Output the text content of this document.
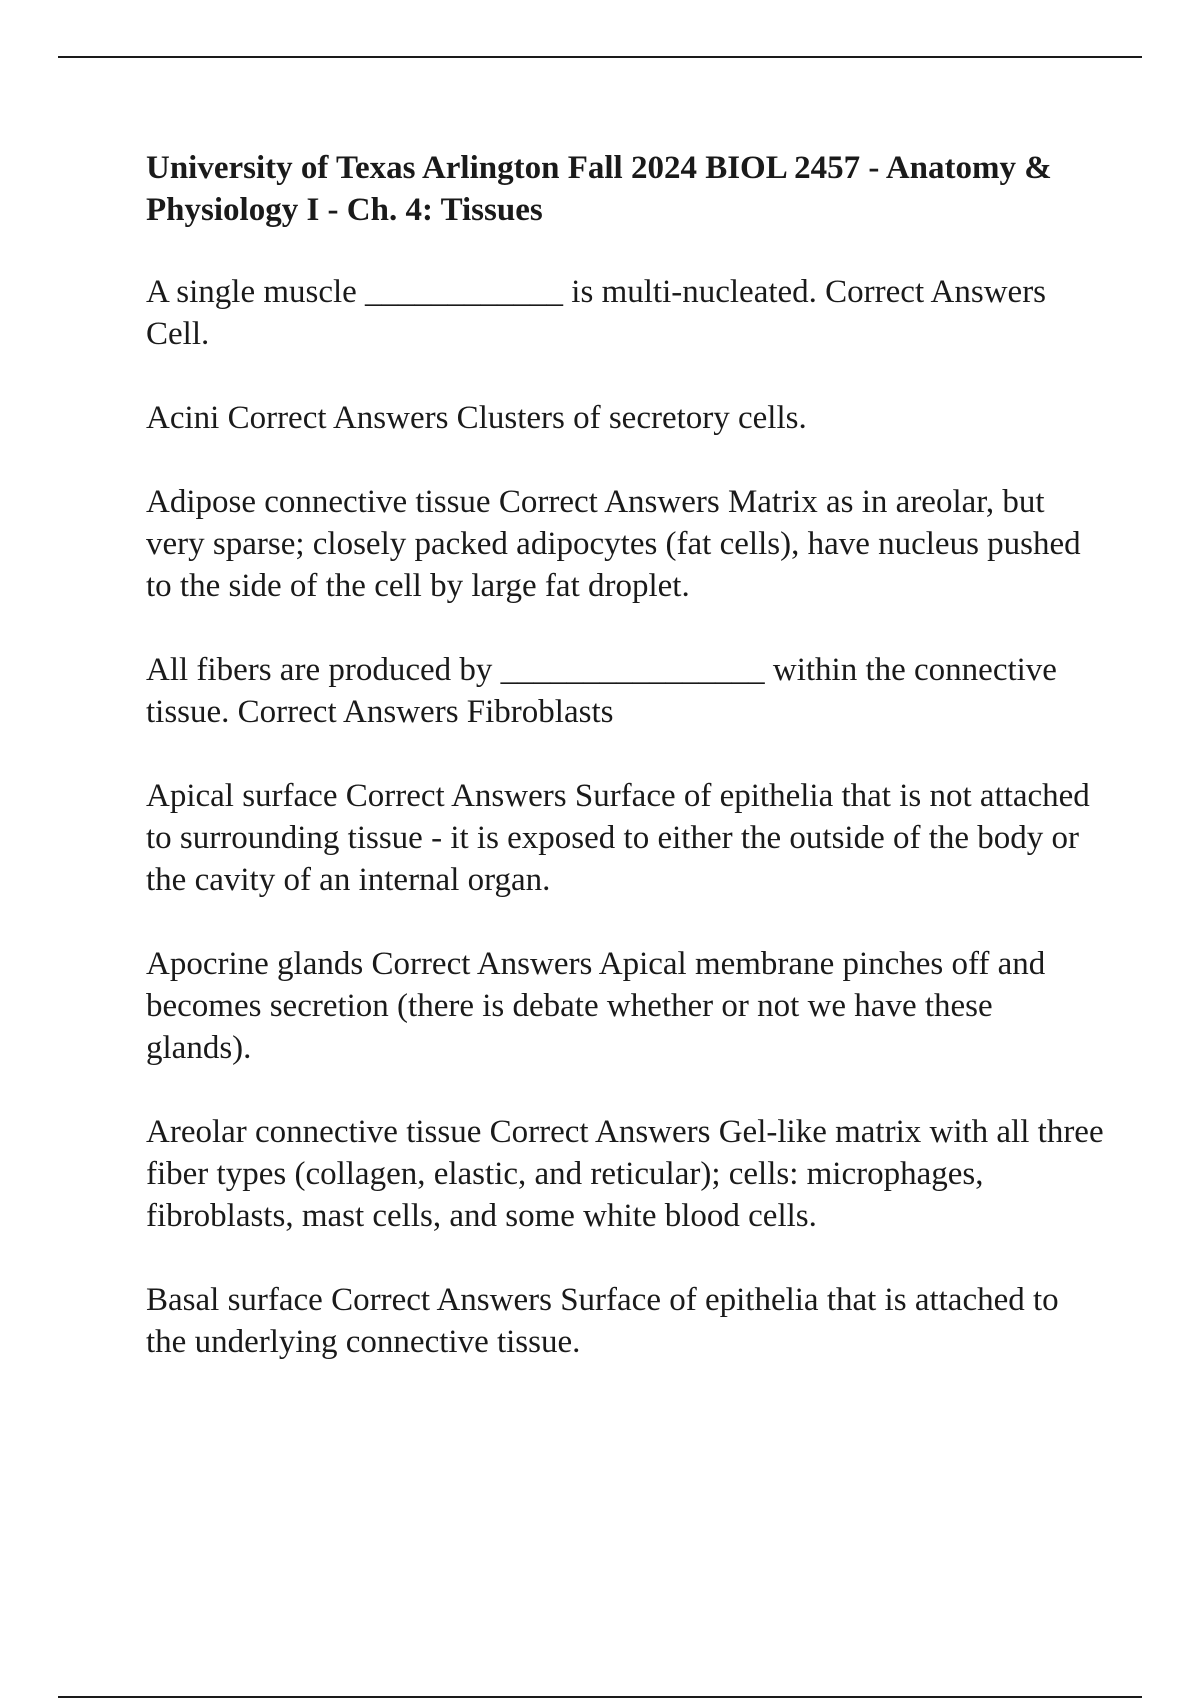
University of Texas Arlington Fall 2024 BIOL 2457 - Anatomy & Physiology I - Ch. 4: Tissues

A single muscle ____________ is multi-nucleated. Correct Answers Cell.

Acini Correct Answers Clusters of secretory cells.

Adipose connective tissue Correct Answers Matrix as in areolar, but very sparse; closely packed adipocytes (fat cells), have nucleus pushed to the side of the cell by large fat droplet.

All fibers are produced by ________________ within the connective tissue. Correct Answers Fibroblasts

Apical surface Correct Answers Surface of epithelia that is not attached to surrounding tissue - it is exposed to either the outside of the body or the cavity of an internal organ.

Apocrine glands Correct Answers Apical membrane pinches off and becomes secretion (there is debate whether or not we have these glands).

Areolar connective tissue Correct Answers Gel-like matrix with all three fiber types (collagen, elastic, and reticular); cells: microphages, fibroblasts, mast cells, and some white blood cells.

Basal surface Correct Answers Surface of epithelia that is attached to the underlying connective tissue.
